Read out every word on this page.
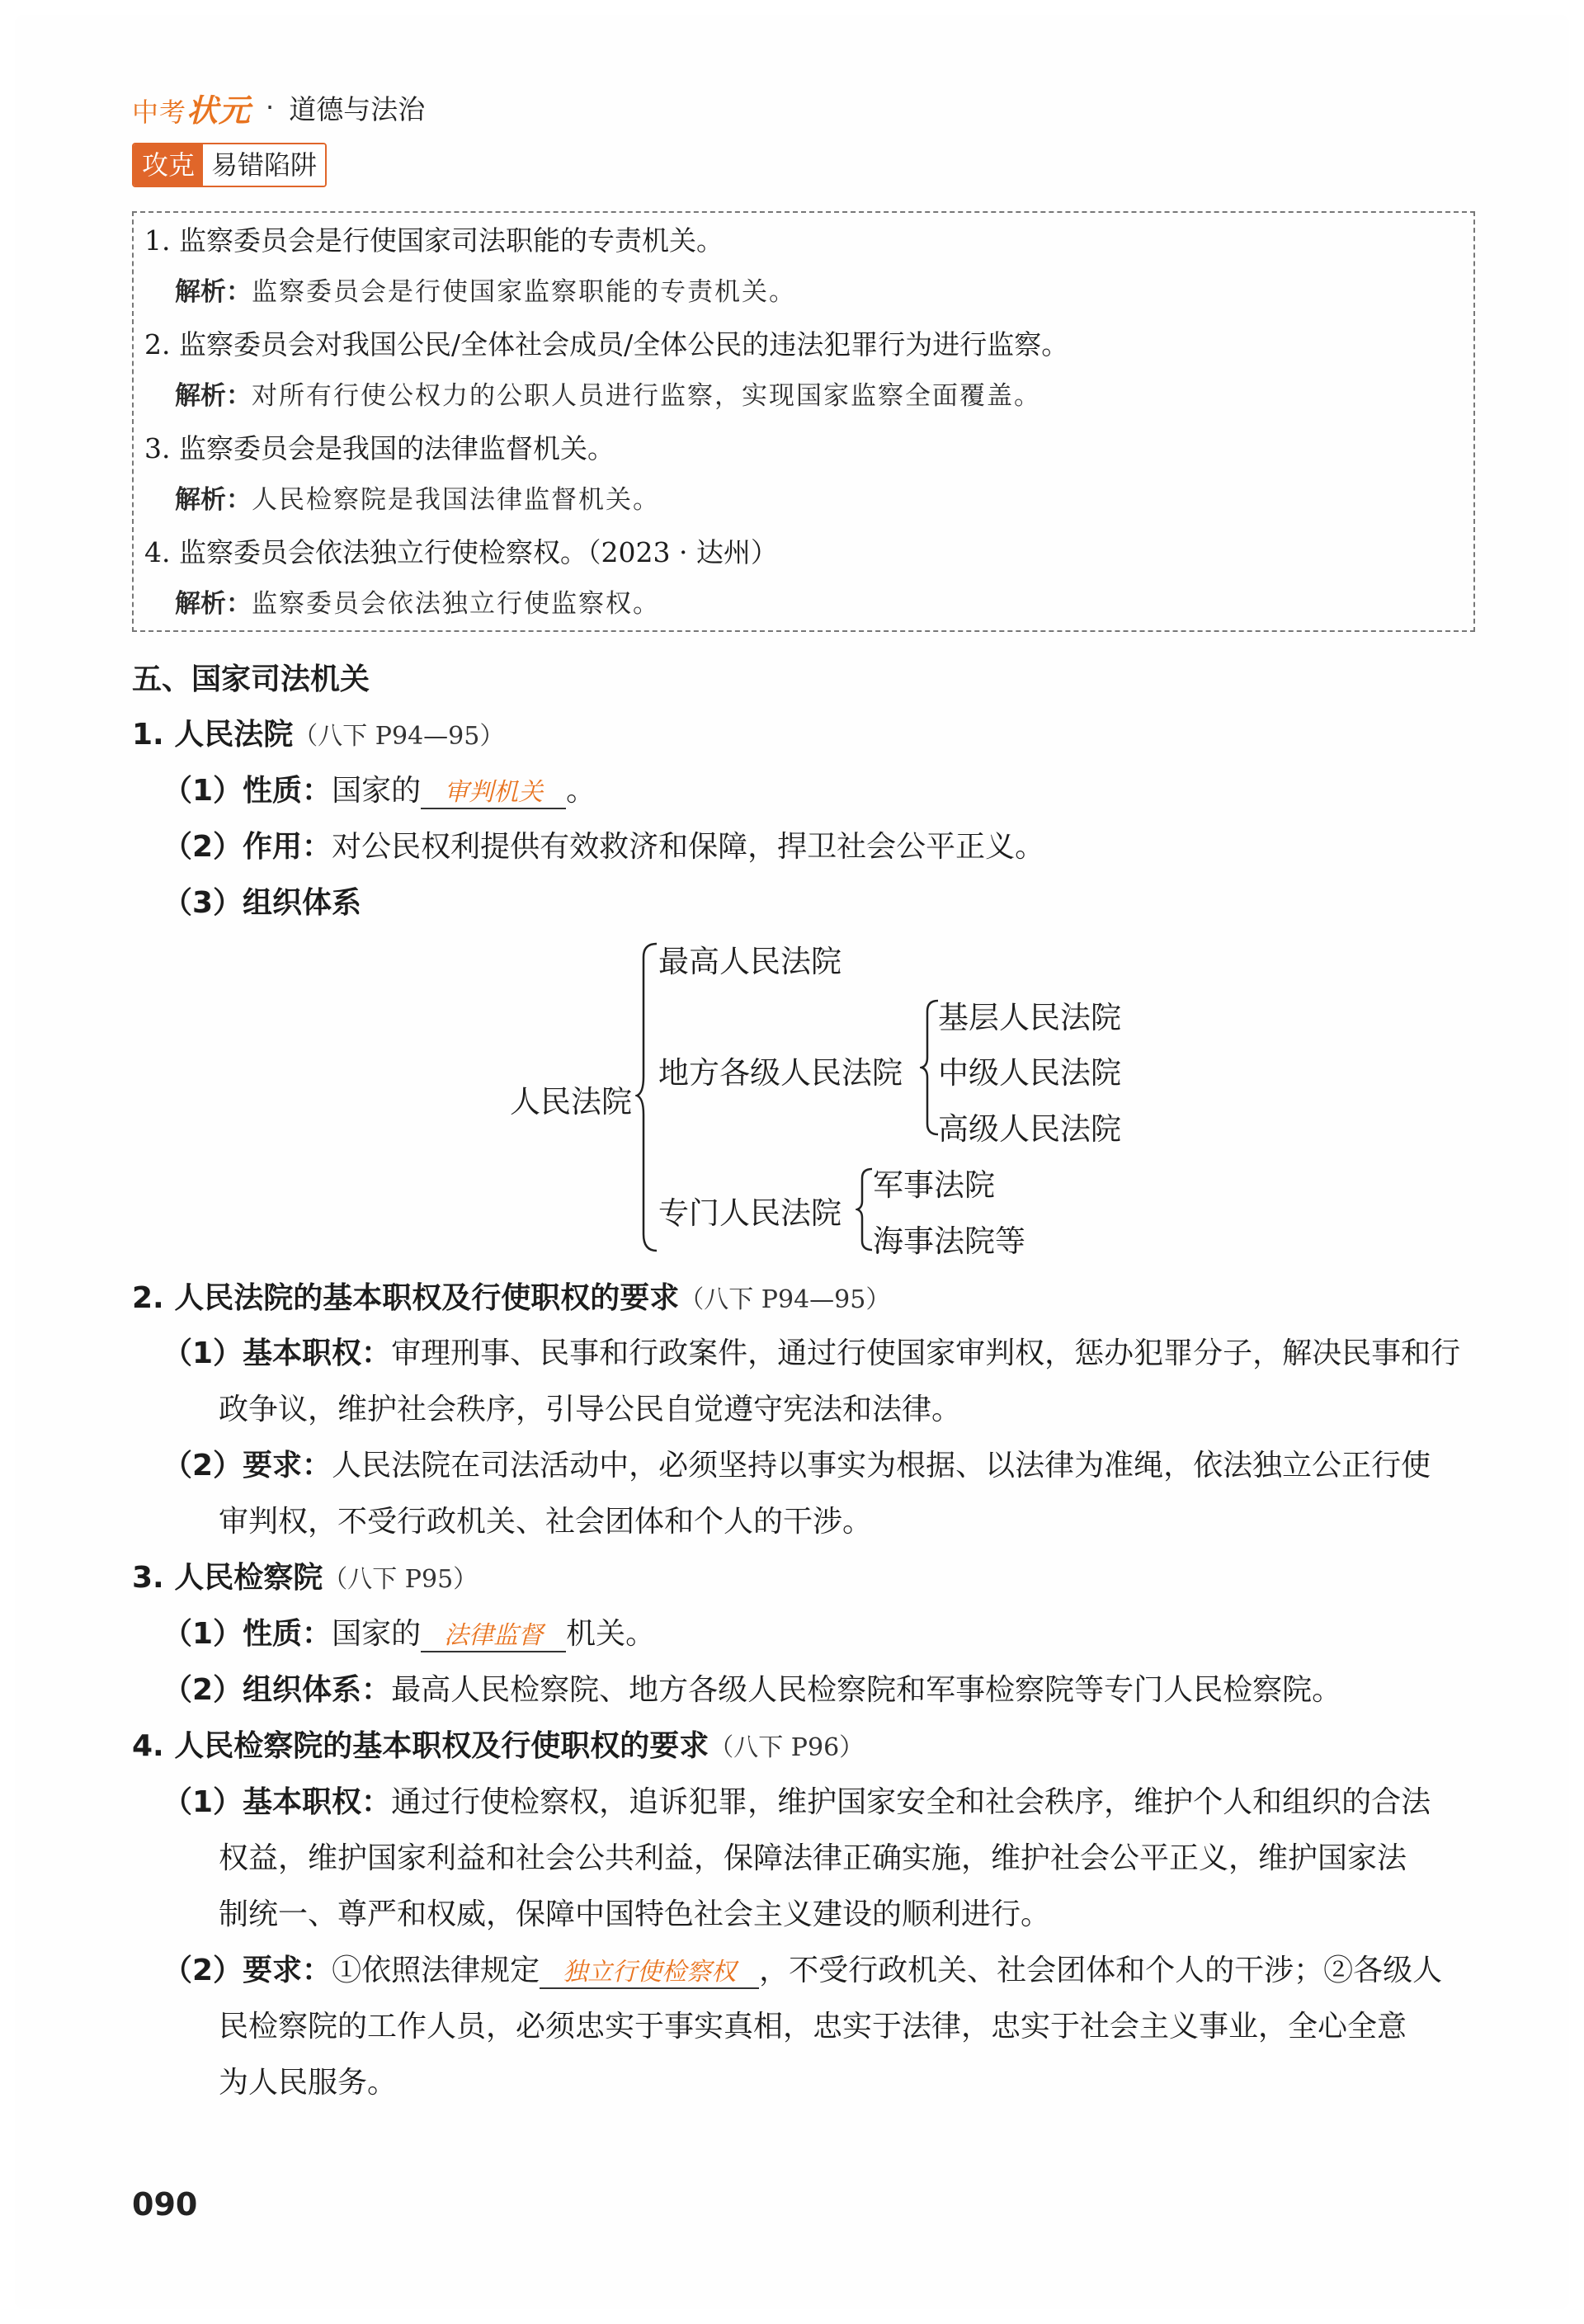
中考状元 · 道德与法治
攻克 易错陷阱
1. 监察委员会是行使国家司法职能的专责机关。
解析：监察委员会是行使国家监察职能的专责机关。
2. 监察委员会对我国公民/全体社会成员/全体公民的违法犯罪行为进行监察。
解析：对所有行使公权力的公职人员进行监察，实现国家监察全面覆盖。
3. 监察委员会是我国的法律监督机关。
解析：人民检察院是我国法律监督机关。
4. 监察委员会依法独立行使检察权。（2023 · 达州）
解析：监察委员会依法独立行使监察权。
五、国家司法机关
1. 人民法院（八下 P94—95）
（1）性质：国家的 审判机关 。
（2）作用：对公民权利提供有效救济和保障，捍卫社会公平正义。
（3）组织体系
人民法院
最高人民法院
地方各级人民法院
基层人民法院
中级人民法院
高级人民法院
专门人民法院
军事法院
海事法院等
2. 人民法院的基本职权及行使职权的要求（八下 P94—95）
（1）基本职权：审理刑事、民事和行政案件，通过行使国家审判权，惩办犯罪分子，解决民事和行
政争议，维护社会秩序，引导公民自觉遵守宪法和法律。
（2）要求：人民法院在司法活动中，必须坚持以事实为根据、以法律为准绳，依法独立公正行使
审判权，不受行政机关、社会团体和个人的干涉。
3. 人民检察院（八下 P95）
（1）性质：国家的 法律监督 机关。
（2）组织体系：最高人民检察院、地方各级人民检察院和军事检察院等专门人民检察院。
4. 人民检察院的基本职权及行使职权的要求（八下 P96）
（1）基本职权：通过行使检察权，追诉犯罪，维护国家安全和社会秩序，维护个人和组织的合法
权益，维护国家利益和社会公共利益，保障法律正确实施，维护社会公平正义，维护国家法
制统一、尊严和权威，保障中国特色社会主义建设的顺利进行。
（2）要求：①依照法律规定 独立行使检察权 ，不受行政机关、社会团体和个人的干涉；②各级人
民检察院的工作人员，必须忠实于事实真相，忠实于法律，忠实于社会主义事业，全心全意
为人民服务。
090
